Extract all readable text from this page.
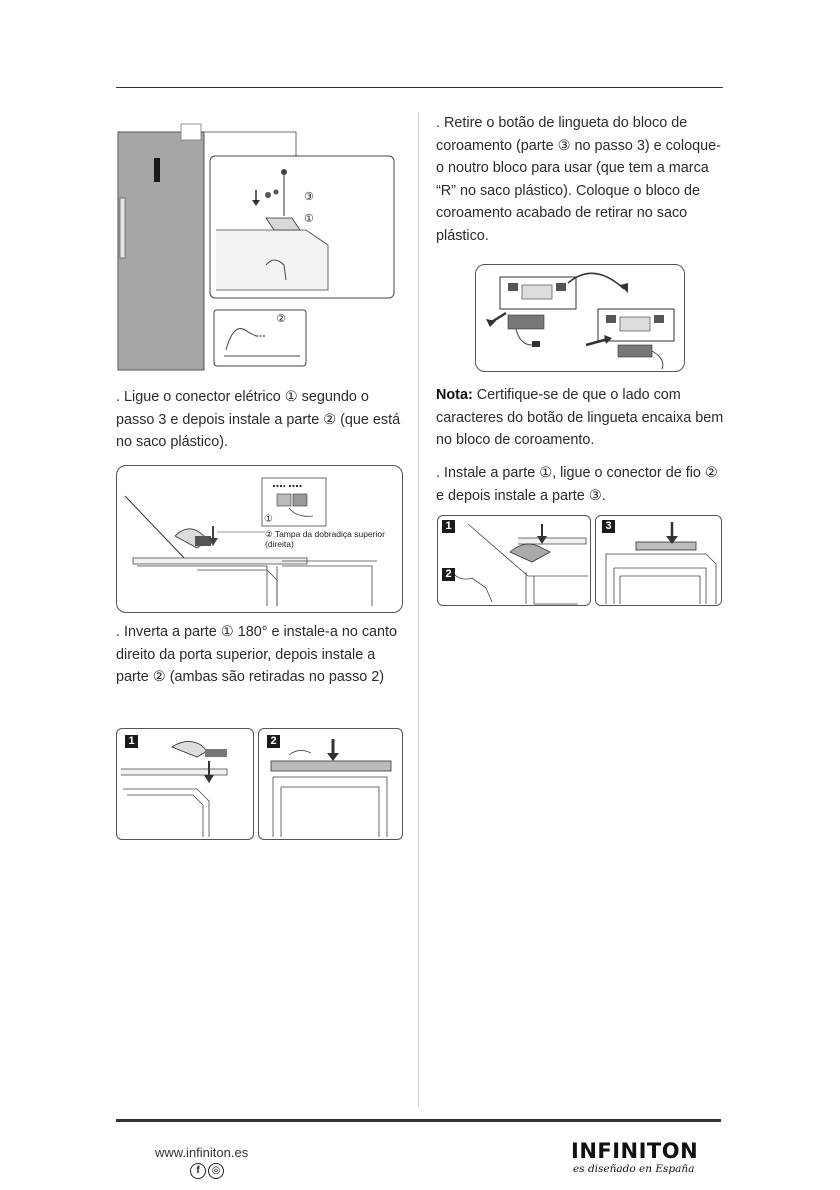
③
①
②

. Ligue o conector elétrico ① segundo o passo 3 e depois instale a parte ② (que está no saco plástico).

①
② Tampa da dobradiça superior (direita)

. Inverta a parte ① 180° e instale-a no canto direito da porta superior, depois instale a parte ② (ambas são retiradas no passo 2)

1	2

. Retire o botão de lingueta do bloco de coroamento (parte ③ no passo 3) e coloque-o noutro bloco para usar (que tem a marca “R” no saco plástico). Coloque o bloco de coroamento acabado de retirar no saco plástico.

Nota: Certifique-se de que o lado com caracteres do botão de lingueta encaixa bem no bloco de coroamento.

. Instale a parte ①, ligue o conector de fio ② e depois instale a parte ③.

1
2
3
www.infiniton.es
f	◎
INFINITON
es diseñado en España
